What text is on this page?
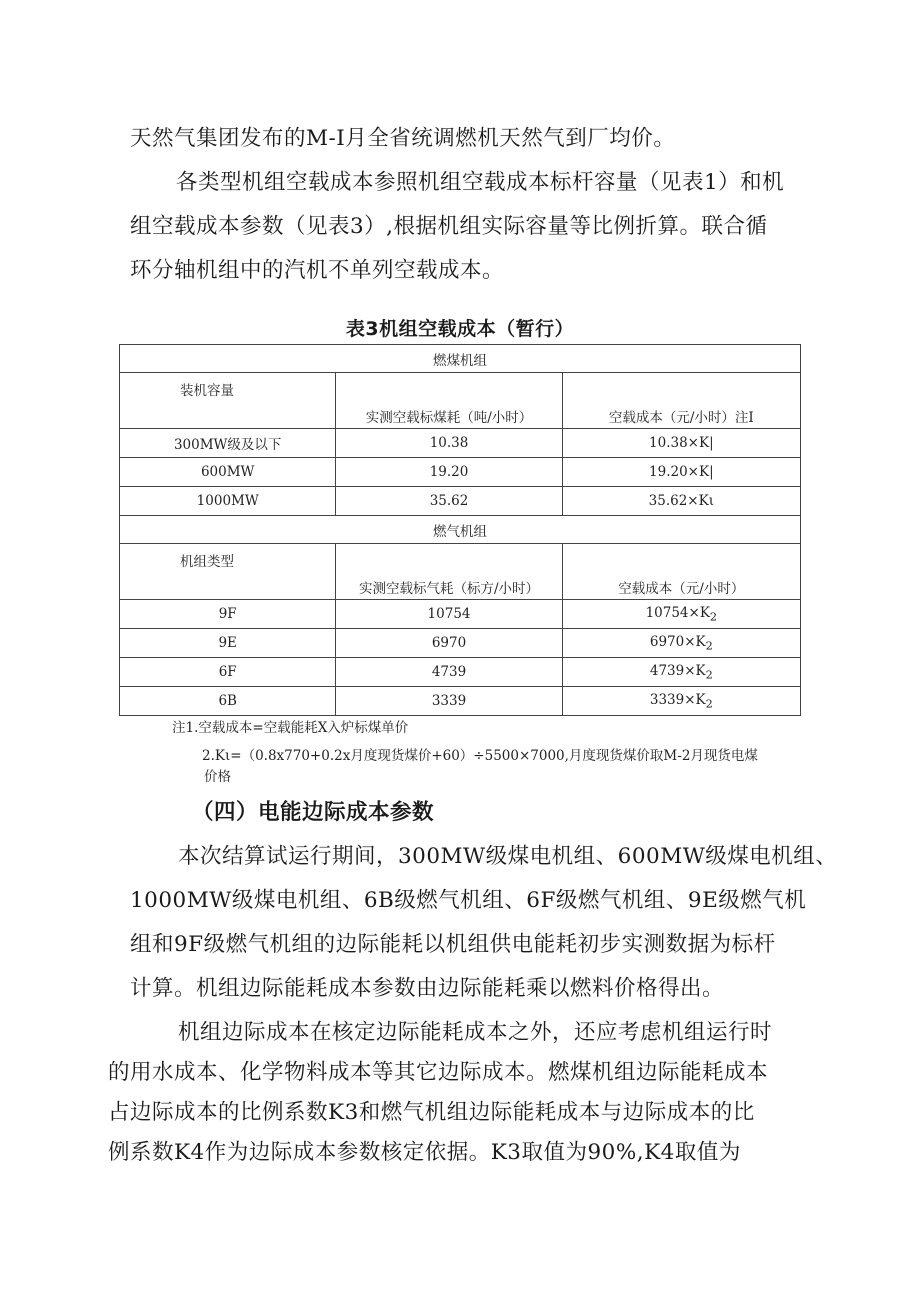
天然气集团发布的M-I月全省统调燃机天然气到厂均价。
各类型机组空载成本参照机组空载成本标杆容量（见表1）和机
组空载成本参数（见表3）,根据机组实际容量等比例折算。联合循
环分轴机组中的汽机不单列空载成本。
表3机组空载成本（暂行）
燃煤机组		

装机容量	实测空载标煤耗（吨/小时）	空载成本（元/小时）注I

300MW级及以下	10.38	10.38×K|
600MW	19.20	19.20×K|
1000MW	35.62	35.62×Kι
燃气机组		

机组类型	实测空载标气耗（标方/小时）	空载成本（元/小时）

9F	10754	$10754\times K_2$
9E	6970	$6970\times K_2$
6F	4739	$4739\times K_2$
6B	3339	$3339\times K_2$
注1.空载成本=空载能耗X入炉标煤单价
2.Kι=（0.8x770+0.2x月度现货煤价+60）÷5500×7000,月度现货煤价取M-2月现货电煤
价格
（四）电能边际成本参数
本次结算试运行期间，300MW级煤电机组、600MW级煤电机组、
1000MW级煤电机组、6B级燃气机组、6F级燃气机组、9E级燃气机
组和9F级燃气机组的边际能耗以机组供电能耗初步实测数据为标杆
计算。机组边际能耗成本参数由边际能耗乘以燃料价格得出。
机组边际成本在核定边际能耗成本之外，还应考虑机组运行时
的用水成本、化学物料成本等其它边际成本。燃煤机组边际能耗成本
占边际成本的比例系数K3和燃气机组边际能耗成本与边际成本的比
例系数K4作为边际成本参数核定依据。K3取值为90%,K4取值为
